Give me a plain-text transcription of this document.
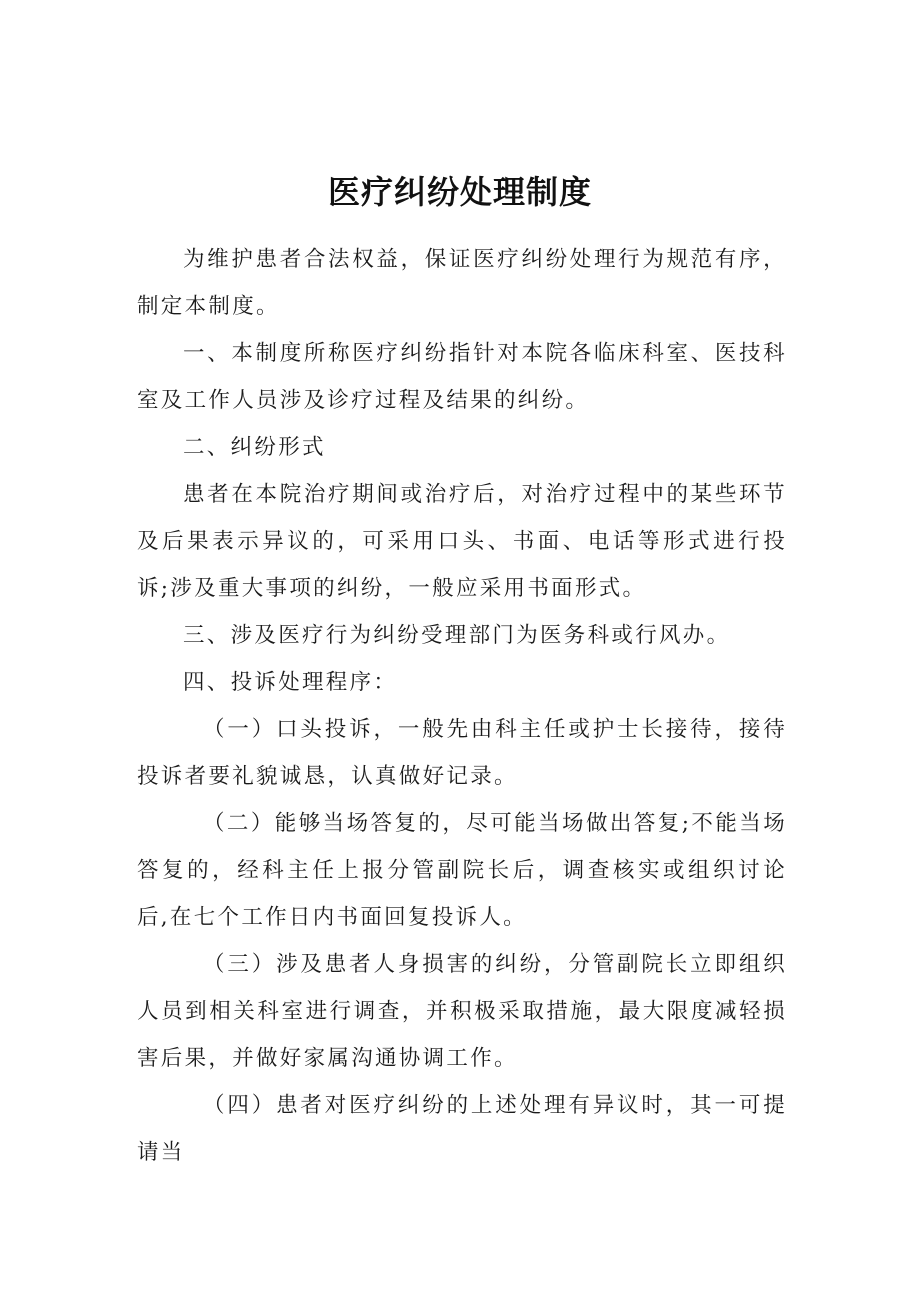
医疗纠纷处理制度

为维护患者合法权益，保证医疗纠纷处理行为规范有序，制定本制度。

一、本制度所称医疗纠纷指针对本院各临床科室、医技科室及工作人员涉及诊疗过程及结果的纠纷。

二、纠纷形式

患者在本院治疗期间或治疗后，对治疗过程中的某些环节及后果表示异议的，可采用口头、书面、电话等形式进行投诉;涉及重大事项的纠纷，一般应采用书面形式。

三、涉及医疗行为纠纷受理部门为医务科或行风办。

四、投诉处理程序：

（一）口头投诉，一般先由科主任或护士长接待，接待投诉者要礼貌诚恳，认真做好记录。

（二）能够当场答复的，尽可能当场做出答复;不能当场答复的，经科主任上报分管副院长后，调查核实或组织讨论后,在七个工作日内书面回复投诉人。

（三）涉及患者人身损害的纠纷，分管副院长立即组织人员到相关科室进行调查，并积极采取措施，最大限度减轻损害后果，并做好家属沟通协调工作。

（四）患者对医疗纠纷的上述处理有异议时，其一可提请当
